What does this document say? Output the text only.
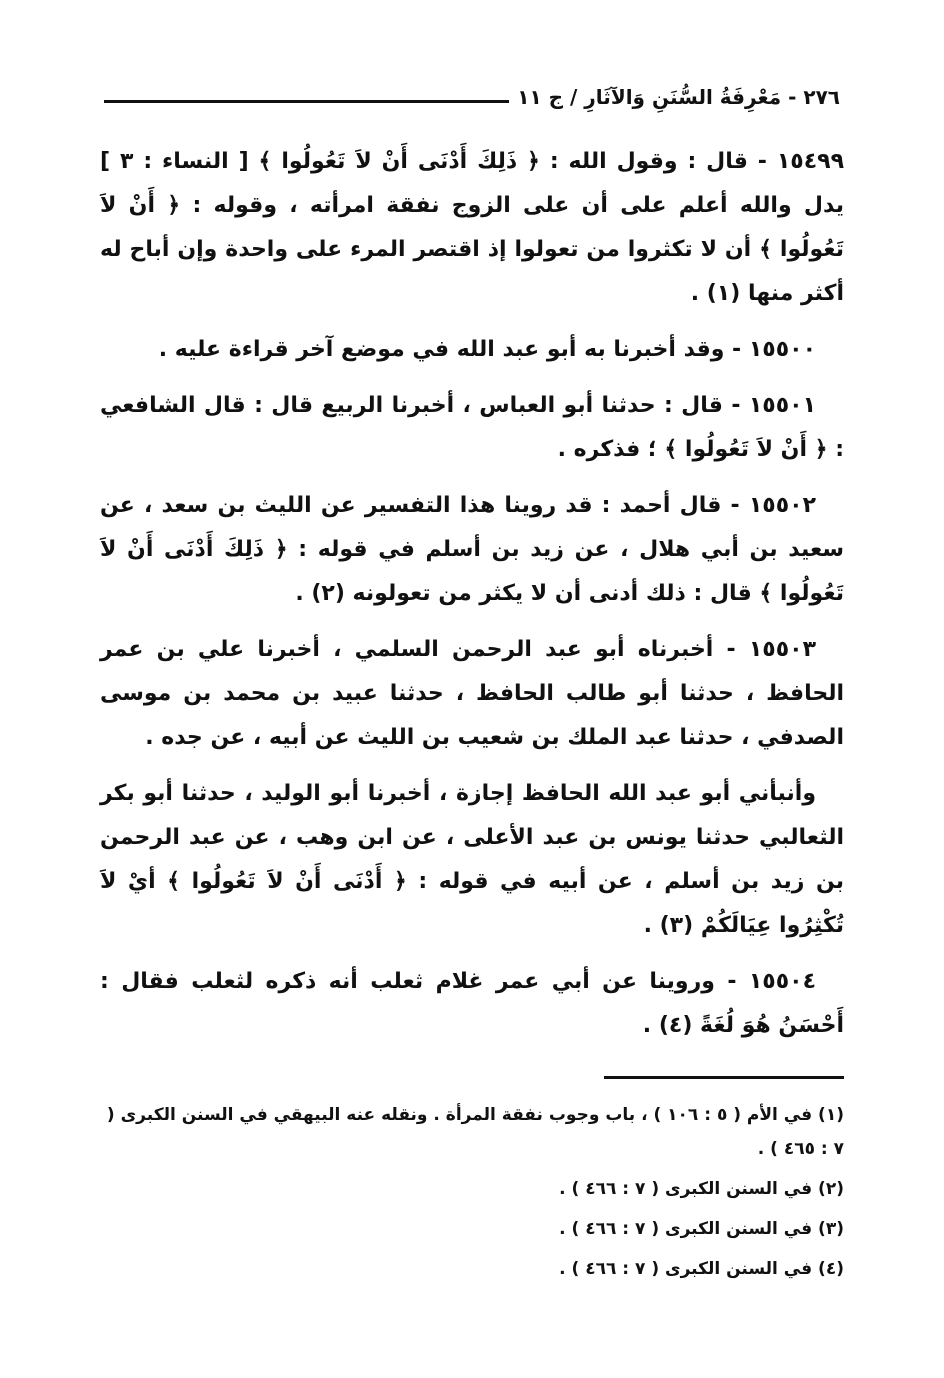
٢٧٦ - مَعْرِفَةُ السُّنَنِ وَالآثَارِ / ج ١١

١٥٤٩٩ - قال : وقول الله : ﴿ ذَلِكَ أَدْنَى أَنْ لاَ تَعُولُوا ﴾ [ النساء : ٣ ] يدل والله أعلم على أن على الزوج نفقة امرأته ، وقوله : ﴿ أَنْ لاَ تَعُولُوا ﴾ أن لا تكثروا من تعولوا إذ اقتصر المرء على واحدة وإن أباح له أكثر منها (١) .

١٥٥٠٠ - وقد أخبرنا به أبو عبد الله في موضع آخر قراءة عليه .

١٥٥٠١ - قال : حدثنا أبو العباس ، أخبرنا الربيع قال : قال الشافعي : ﴿ أَنْ لاَ تَعُولُوا ﴾ ؛ فذكره .

١٥٥٠٢ - قال أحمد : قد روينا هذا التفسير عن الليث بن سعد ، عن سعيد بن أبي هلال ، عن زيد بن أسلم في قوله : ﴿ ذَلِكَ أَدْنَى أَنْ لاَ تَعُولُوا ﴾ قال : ذلك أدنى أن لا يكثر من تعولونه (٢) .

١٥٥٠٣ - أخبرناه أبو عبد الرحمن السلمي ، أخبرنا علي بن عمر الحافظ ، حدثنا أبو طالب الحافظ ، حدثنا عبيد بن محمد بن موسى الصدفي ، حدثنا عبد الملك بن شعيب بن الليث عن أبيه ، عن جده .

وأنبأني أبو عبد الله الحافظ إجازة ، أخبرنا أبو الوليد ، حدثنا أبو بكر الثعالبي حدثنا يونس بن عبد الأعلى ، عن ابن وهب ، عن عبد الرحمن بن زيد بن أسلم ، عن أبيه في قوله : ﴿ أَدْنَى أَنْ لاَ تَعُولُوا ﴾ أيْ لاَ تُكْثِرُوا عِيَالَكُمْ (٣) .

١٥٥٠٤ - وروينا عن أبي عمر غلام ثعلب أنه ذكره لثعلب فقال : أَحْسَنُ هُوَ لُغَةً (٤) .

(١) في الأم ( ٥ : ١٠٦ ) ، باب وجوب نفقة المرأة . ونقله عنه البيهقي في السنن الكبرى ( ٧ : ٤٦٥ ) .

(٢) في السنن الكبرى ( ٧ : ٤٦٦ ) .

(٣) في السنن الكبرى ( ٧ : ٤٦٦ ) .

(٤) في السنن الكبرى ( ٧ : ٤٦٦ ) .
